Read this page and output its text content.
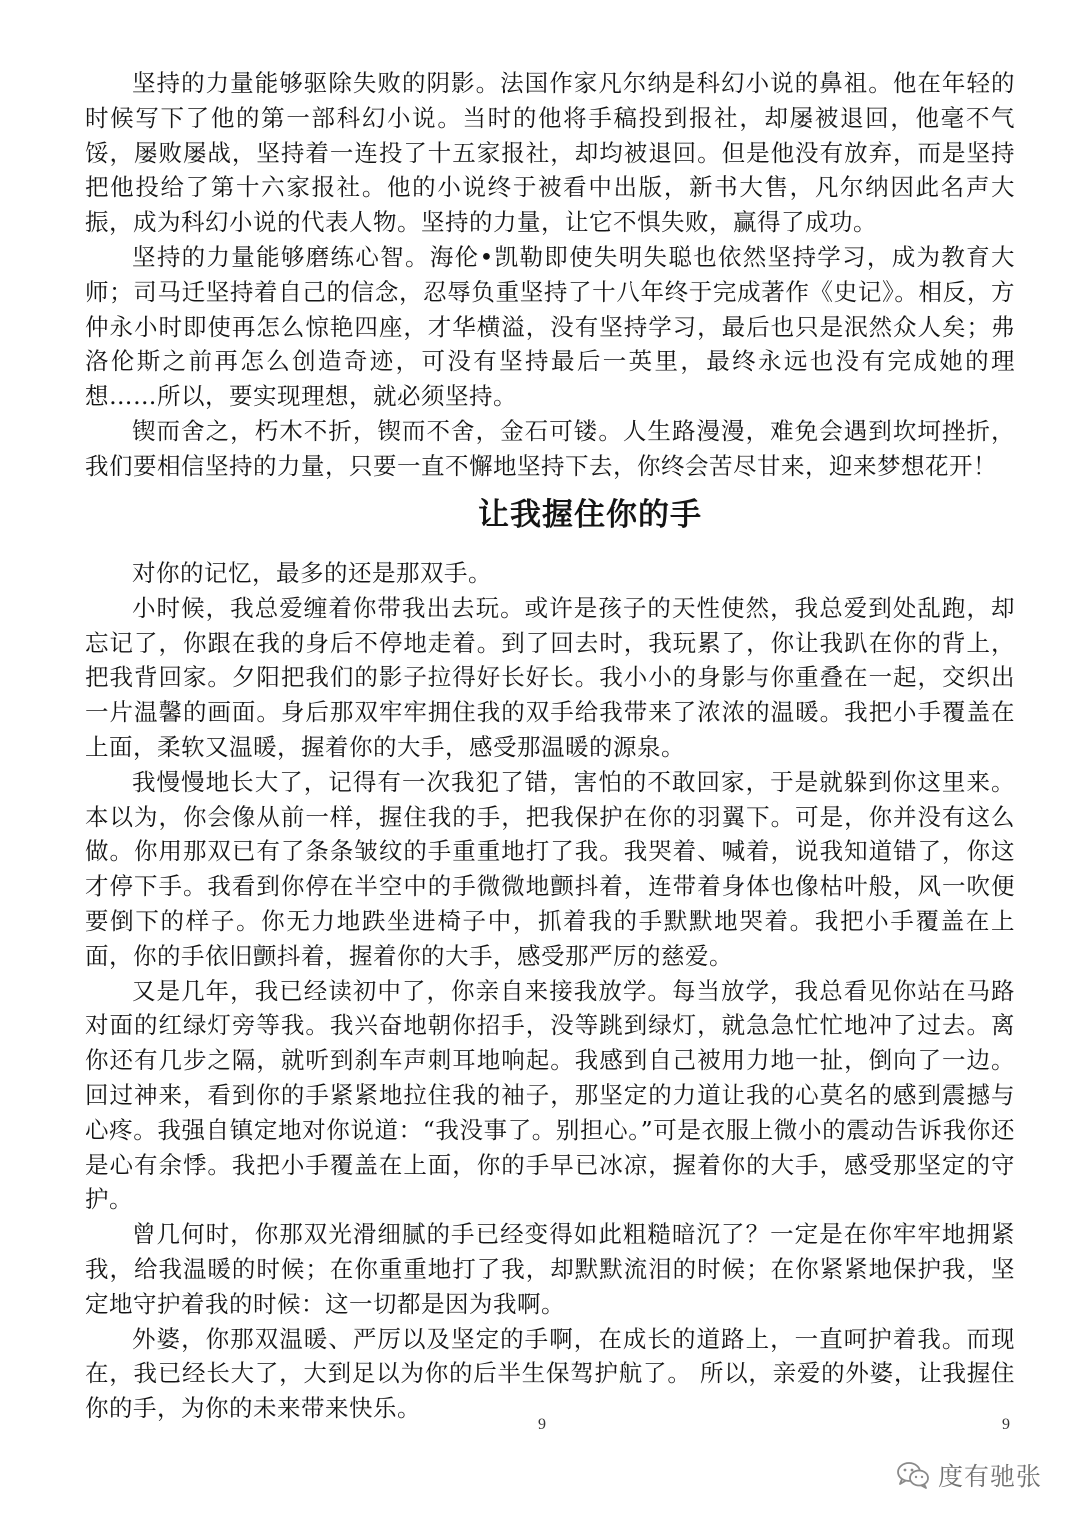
坚持的力量能够驱除失败的阴影。法国作家凡尔纳是科幻小说的鼻祖。他在年轻的时候写下了他的第一部科幻小说。当时的他将手稿投到报社，却屡被退回，他毫不气馁，屡败屡战，坚持着一连投了十五家报社，却均被退回。但是他没有放弃，而是坚持把他投给了第十六家报社。他的小说终于被看中出版，新书大售，凡尔纳因此名声大振，成为科幻小说的代表人物。坚持的力量，让它不惧失败，赢得了成功。

坚持的力量能够磨练心智。海伦•凯勒即使失明失聪也依然坚持学习，成为教育大师；司马迁坚持着自己的信念，忍辱负重坚持了十八年终于完成著作《史记》。相反，方仲永小时即使再怎么惊艳四座，才华横溢，没有坚持学习，最后也只是泯然众人矣；弗洛伦斯之前再怎么创造奇迹，可没有坚持最后一英里，最终永远也没有完成她的理想……所以，要实现理想，就必须坚持。

锲而舍之，朽木不折，锲而不舍，金石可镂。人生路漫漫，难免会遇到坎坷挫折，我们要相信坚持的力量，只要一直不懈地坚持下去，你终会苦尽甘来，迎来梦想花开！

让我握住你的手

对你的记忆，最多的还是那双手。

小时候，我总爱缠着你带我出去玩。或许是孩子的天性使然，我总爱到处乱跑，却忘记了，你跟在我的身后不停地走着。到了回去时，我玩累了，你让我趴在你的背上，把我背回家。夕阳把我们的影子拉得好长好长。我小小的身影与你重叠在一起，交织出一片温馨的画面。身后那双牢牢拥住我的双手给我带来了浓浓的温暖。我把小手覆盖在上面，柔软又温暖，握着你的大手，感受那温暖的源泉。

我慢慢地长大了，记得有一次我犯了错，害怕的不敢回家，于是就躲到你这里来。本以为，你会像从前一样，握住我的手，把我保护在你的羽翼下。可是，你并没有这么做。你用那双已有了条条皱纹的手重重地打了我。我哭着、喊着，说我知道错了，你这才停下手。我看到你停在半空中的手微微地颤抖着，连带着身体也像枯叶般，风一吹便要倒下的样子。你无力地跌坐进椅子中，抓着我的手默默地哭着。我把小手覆盖在上面，你的手依旧颤抖着，握着你的大手，感受那严厉的慈爱。

又是几年，我已经读初中了，你亲自来接我放学。每当放学，我总看见你站在马路对面的红绿灯旁等我。我兴奋地朝你招手，没等跳到绿灯，就急急忙忙地冲了过去。离你还有几步之隔，就听到刹车声刺耳地响起。我感到自己被用力地一扯，倒向了一边。回过神来，看到你的手紧紧地拉住我的袖子，那坚定的力道让我的心莫名的感到震撼与心疼。我强自镇定地对你说道：“我没事了。别担心。”可是衣服上微小的震动告诉我你还是心有余悸。我把小手覆盖在上面，你的手早已冰凉，握着你的大手，感受那坚定的守护。

曾几何时，你那双光滑细腻的手已经变得如此粗糙暗沉了？一定是在你牢牢地拥紧我，给我温暖的时候；在你重重地打了我，却默默流泪的时候；在你紧紧地保护我，坚定地守护着我的时候：这一切都是因为我啊。

外婆，你那双温暖、严厉以及坚定的手啊，在成长的道路上，一直呵护着我。而现在，我已经长大了，大到足以为你的后半生保驾护航了。 所以，亲爱的外婆，让我握住你的手，为你的未来带来快乐。

9	9
度有驰张
